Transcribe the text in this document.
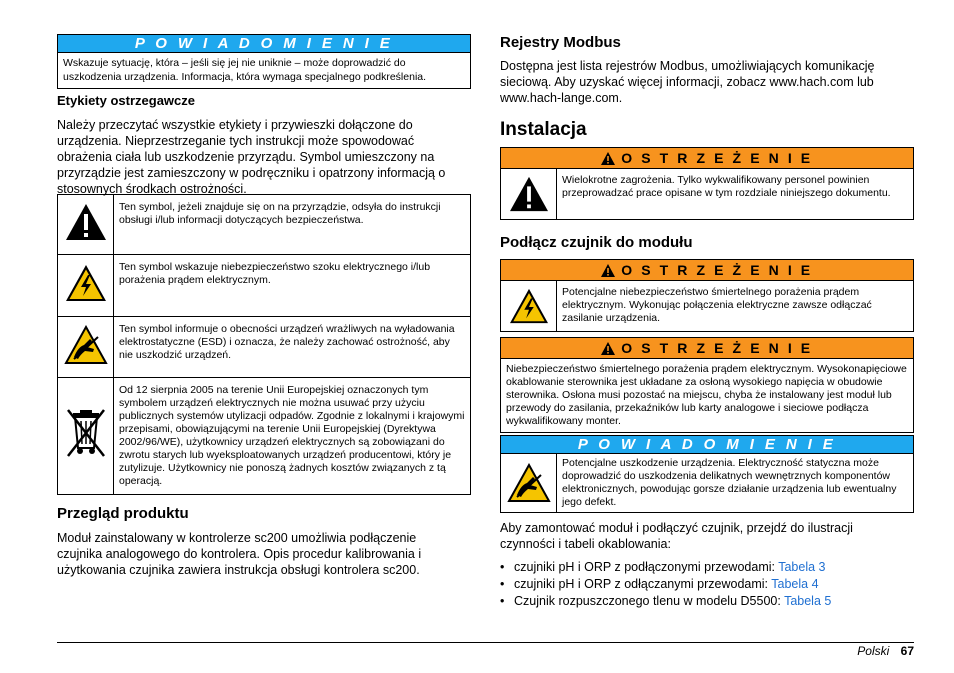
P O W I A D O M I E N I E
Wskazuje sytuację, która – jeśli się jej nie uniknie – może doprowadzić do uszkodzenia urządzenia. Informacja, która wymaga specjalnego podkreślenia.
Etykiety ostrzegawcze
Należy przeczytać wszystkie etykiety i przywieszki dołączone do urządzenia. Nieprzestrzeganie tych instrukcji może spowodować obrażenia ciała lub uszkodzenie przyrządu. Symbol umieszczony na przyrządzie jest zamieszczony w podręczniku i opatrzony informacją o stosownych środkach ostrożności.
	Ten symbol, jeżeli znajduje się on na przyrządzie, odsyła do instrukcji obsługi i/lub informacji dotyczących bezpieczeństwa.
	Ten symbol wskazuje niebezpieczeństwo szoku elektrycznego i/lub porażenia prądem elektrycznym.
	Ten symbol informuje o obecności urządzeń wrażliwych na wyładowania elektrostatyczne (ESD) i oznacza, że należy zachować ostrożność, aby nie uszkodzić urządzeń.
	Od 12 sierpnia 2005 na terenie Unii Europejskiej oznaczonych tym symbolem urządzeń elektrycznych nie można usuwać przy użyciu publicznych systemów utylizacji odpadów. Zgodnie z lokalnymi i krajowymi przepisami, obowiązującymi na terenie Unii Europejskiej (Dyrektywa 2002/96/WE), użytkownicy urządzeń elektrycznych są zobowiązani do zwrotu starych lub wyeksploatowanych urządzeń producentowi, który je zutylizuje. Użytkownicy nie ponoszą żadnych kosztów związanych z tą operacją.
Przegląd produktu
Moduł zainstalowany w kontrolerze sc200 umożliwia podłączenie czujnika analogowego do kontrolera. Opis procedur kalibrowania i użytkowania czujnika zawiera instrukcja obsługi kontrolera sc200.
Rejestry Modbus
Dostępna jest lista rejestrów Modbus, umożliwiających komunikację sieciową. Aby uzyskać więcej informacji, zobacz www.hach.com lub www.hach-lange.com.
Instalacja
O S T R Z E Ż E N I E
Wielokrotne zagrożenia. Tylko wykwalifikowany personel powinien przeprowadzać prace opisane w tym rozdziale niniejszego dokumentu.
Podłącz czujnik do modułu
O S T R Z E Ż E N I E
Potencjalne niebezpieczeństwo śmiertelnego porażenia prądem elektrycznym. Wykonując połączenia elektryczne zawsze odłączać zasilanie urządzenia.
O S T R Z E Ż E N I E
Niebezpieczeństwo śmiertelnego porażenia prądem elektrycznym. Wysokonapięciowe okablowanie sterownika jest układane za osłoną wysokiego napięcia w obudowie sterownika. Osłona musi pozostać na miejscu, chyba że instalowany jest moduł lub przewody do zasilania, przekaźników lub karty analogowe i sieciowe podłącza wykwalifikowany monter.
P O W I A D O M I E N I E
Potencjalne uszkodzenie urządzenia. Elektryczność statyczna może doprowadzić do uszkodzenia delikatnych wewnętrznych komponentów elektronicznych, powodując gorsze działanie urządzenia lub ewentualny jego defekt.
Aby zamontować moduł i podłączyć czujnik, przejdź do ilustracji czynności i tabeli okablowania:
• czujniki pH i ORP z podłączonymi przewodami: Tabela 3
• czujniki pH i ORP z odłączanymi przewodami: Tabela 4
• Czujnik rozpuszczonego tlenu w modelu D5500: Tabela 5
Polski 67
